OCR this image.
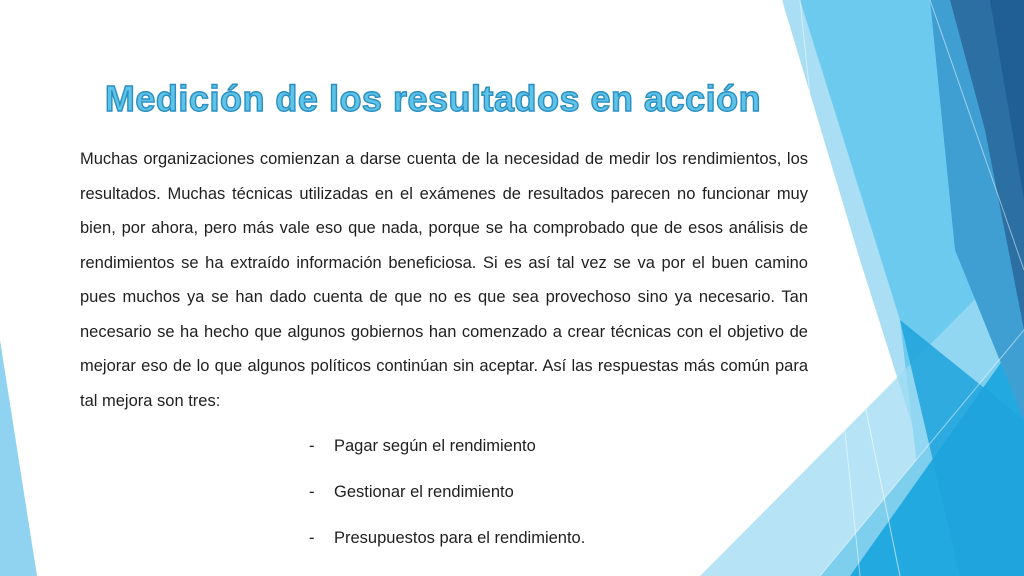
Medición de los resultados en acción

Muchas organizaciones comienzan a darse cuenta de la necesidad de medir los rendimientos, los resultados. Muchas técnicas utilizadas en el exámenes de resultados parecen no funcionar muy bien, por ahora, pero más vale eso que nada, porque se ha comprobado que de esos análisis de rendimientos se ha extraído información beneficiosa. Si es así tal vez se va por el buen camino pues muchos ya se han dado cuenta de que no es que sea provechoso sino ya necesario. Tan necesario se ha hecho que algunos gobiernos han comenzado a crear técnicas con el objetivo de mejorar eso de lo que algunos políticos continúan sin aceptar. Así las respuestas más común para tal mejora son tres:

- Pagar según el rendimiento
- Gestionar el rendimiento
- Presupuestos para el rendimiento.
